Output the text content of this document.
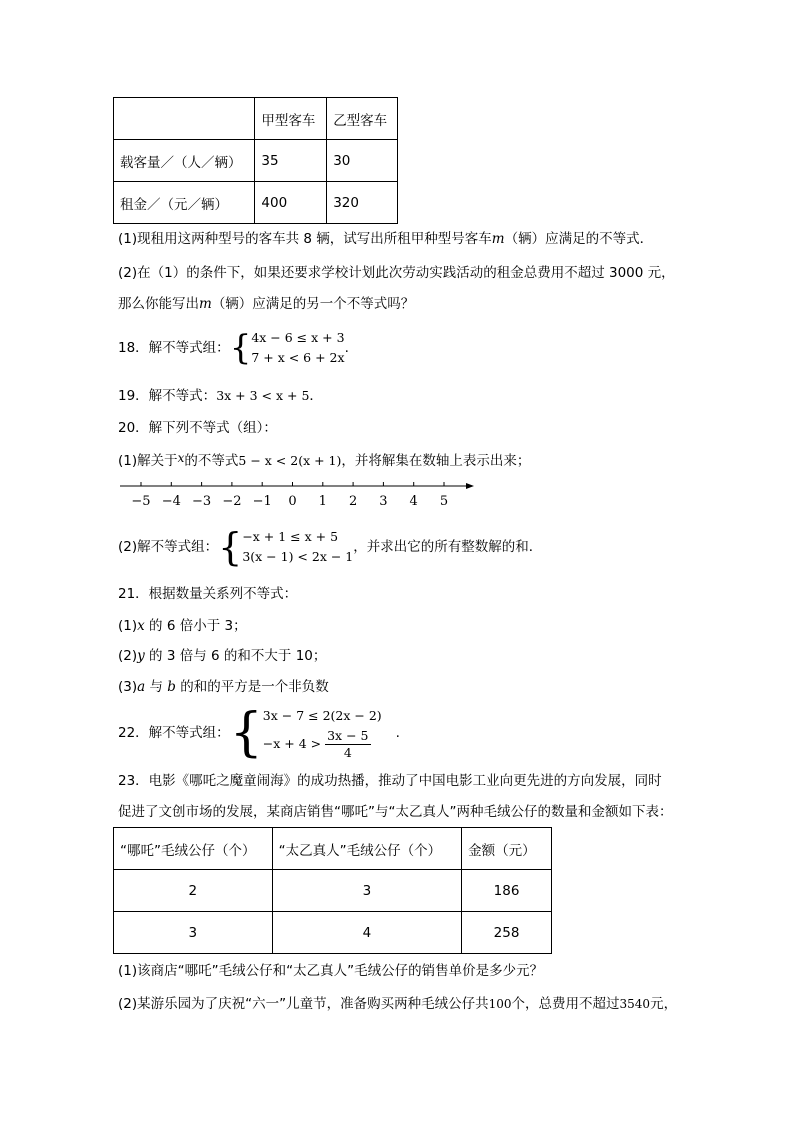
	甲型客车	乙型客车
载客量／（人／辆）	35	30
租金／（元／辆）	400	320
(1)现租用这两种型号的客车共 8 辆，试写出所租甲种型号客车m（辆）应满足的不等式．
(2)在（1）的条件下，如果还要求学校计划此次劳动实践活动的租金总费用不超过 3000 元，
那么你能写出m（辆）应满足的另一个不等式吗？
18．解不等式组：{ 4x − 6 ≤ x + 3
7 + x < 6 + 2x
.
19．解不等式：3x + 3 < x + 5．
20．解下列不等式（组）：
(1)解关于x的不等式5 − x < 2(x + 1)，并将解集在数轴上表示出来；
−5 −4 −3 −2 −1 0 1 2 3 4 5
(2)解不等式组：{ −x + 1 ≤ x + 5
3(x − 1) < 2x − 1
，并求出它的所有整数解的和．
21．根据数量关系列不等式：
(1)x 的 6 倍小于 3；
(2)y 的 3 倍与 6 的和不大于 10；
(3)a 与 b 的和的平方是一个非负数
22．解不等式组：{ 3x − 7 ≤ 2(2x − 2)
$-x + 4 > \frac{3x - 5}{4}$ .
23．电影《哪吒之魔童闹海》的成功热播，推动了中国电影工业向更先进的方向发展，同时
促进了文创市场的发展，某商店销售“哪吒”与“太乙真人”两种毛绒公仔的数量和金额如下表：
“哪吒”毛绒公仔（个）	“太乙真人”毛绒公仔（个）	金额（元）
2	3	186
3	4	258
(1)该商店“哪吒”毛绒公仔和“太乙真人”毛绒公仔的销售单价是多少元？
(2)某游乐园为了庆祝“六一”儿童节，准备购买两种毛绒公仔共100个，总费用不超过3540元，
